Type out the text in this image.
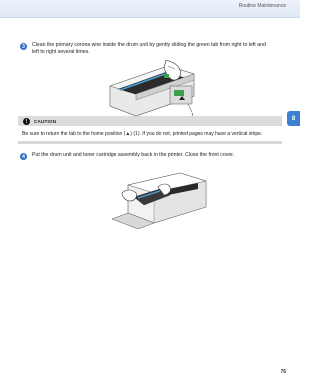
Routine Maintenance
8
3	Clean the primary corona wire inside the drum unit by gently sliding the green tab from right to left and
left to right several times.
!	CAUTION
Be sure to return the tab to the home position (▲) (1). If you do not, printed pages may have a vertical stripe.
4	Put the drum unit and toner cartridge assembly back in the printer. Close the front cover.
76
